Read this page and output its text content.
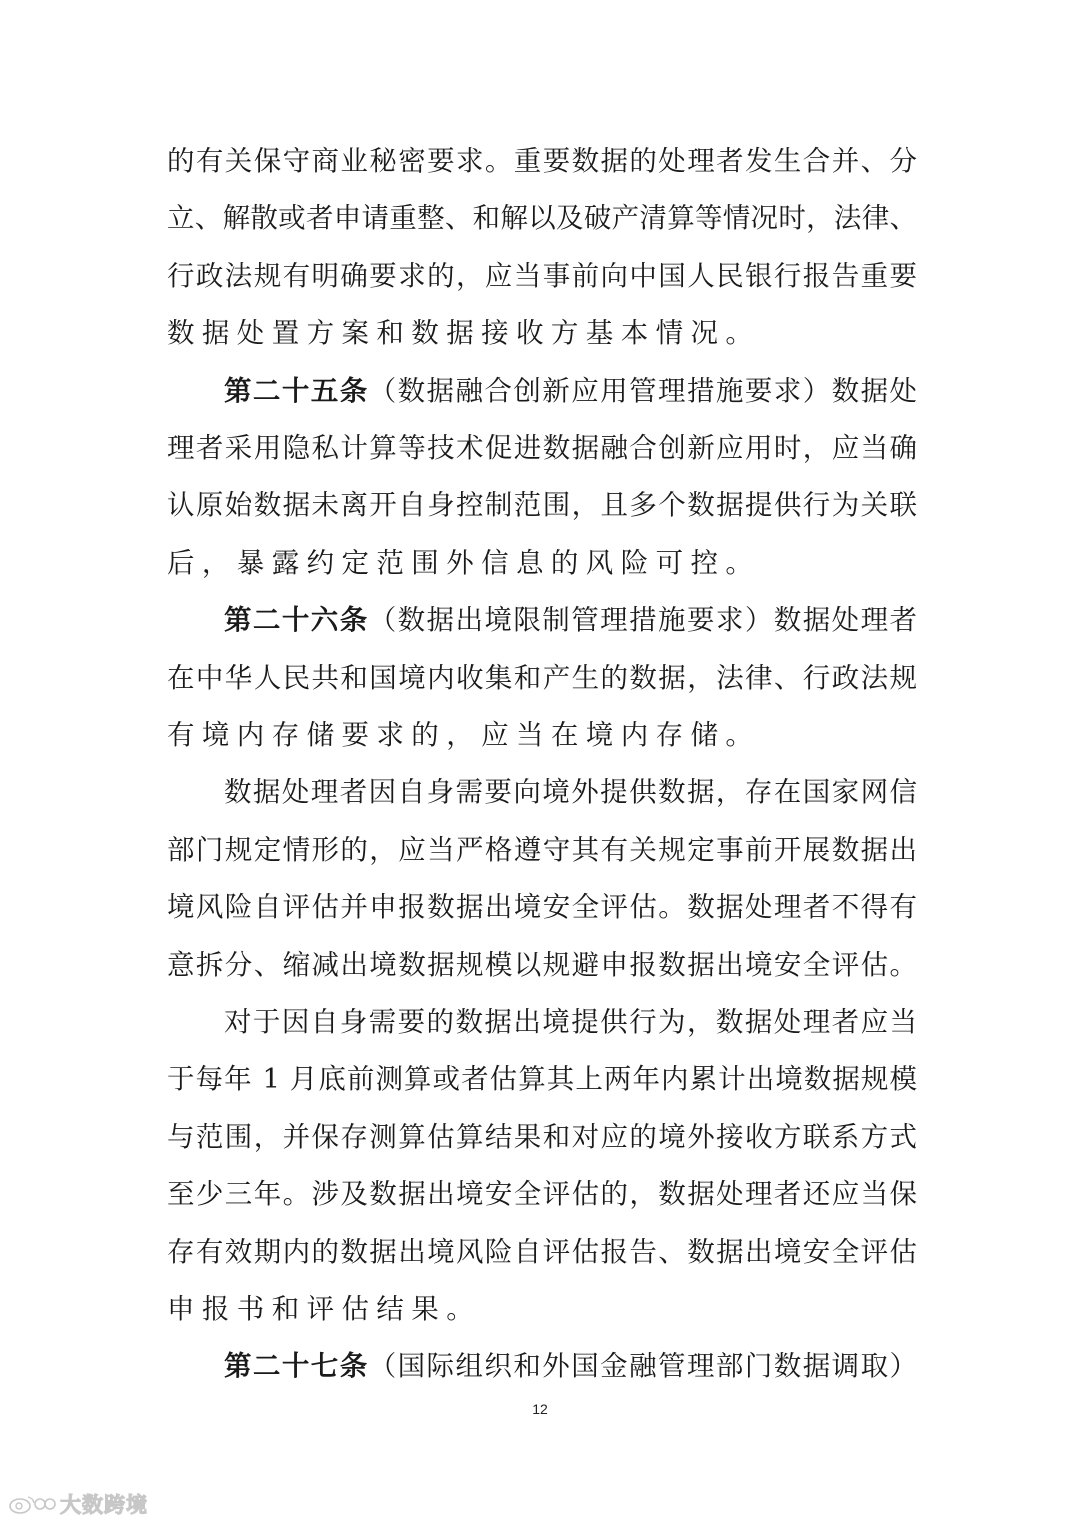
的有关保守商业秘密要求。重要数据的处理者发生合并、分
立、解散或者申请重整、和解以及破产清算等情况时，法律、
行政法规有明确要求的，应当事前向中国人民银行报告重要
数据处置方案和数据接收方基本情况。
第二十五条（数据融合创新应用管理措施要求）数据处
理者采用隐私计算等技术促进数据融合创新应用时，应当确
认原始数据未离开自身控制范围，且多个数据提供行为关联
后，暴露约定范围外信息的风险可控。
第二十六条（数据出境限制管理措施要求）数据处理者
在中华人民共和国境内收集和产生的数据，法律、行政法规
有境内存储要求的，应当在境内存储。
数据处理者因自身需要向境外提供数据，存在国家网信
部门规定情形的，应当严格遵守其有关规定事前开展数据出
境风险自评估并申报数据出境安全评估。数据处理者不得有
意拆分、缩减出境数据规模以规避申报数据出境安全评估。
对于因自身需要的数据出境提供行为，数据处理者应当
于每年 1 月底前测算或者估算其上两年内累计出境数据规模
与范围，并保存测算估算结果和对应的境外接收方联系方式
至少三年。涉及数据出境安全评估的，数据处理者还应当保
存有效期内的数据出境风险自评估报告、数据出境安全评估
申报书和评估结果。
第二十七条（国际组织和外国金融管理部门数据调取）
12
大数跨境
